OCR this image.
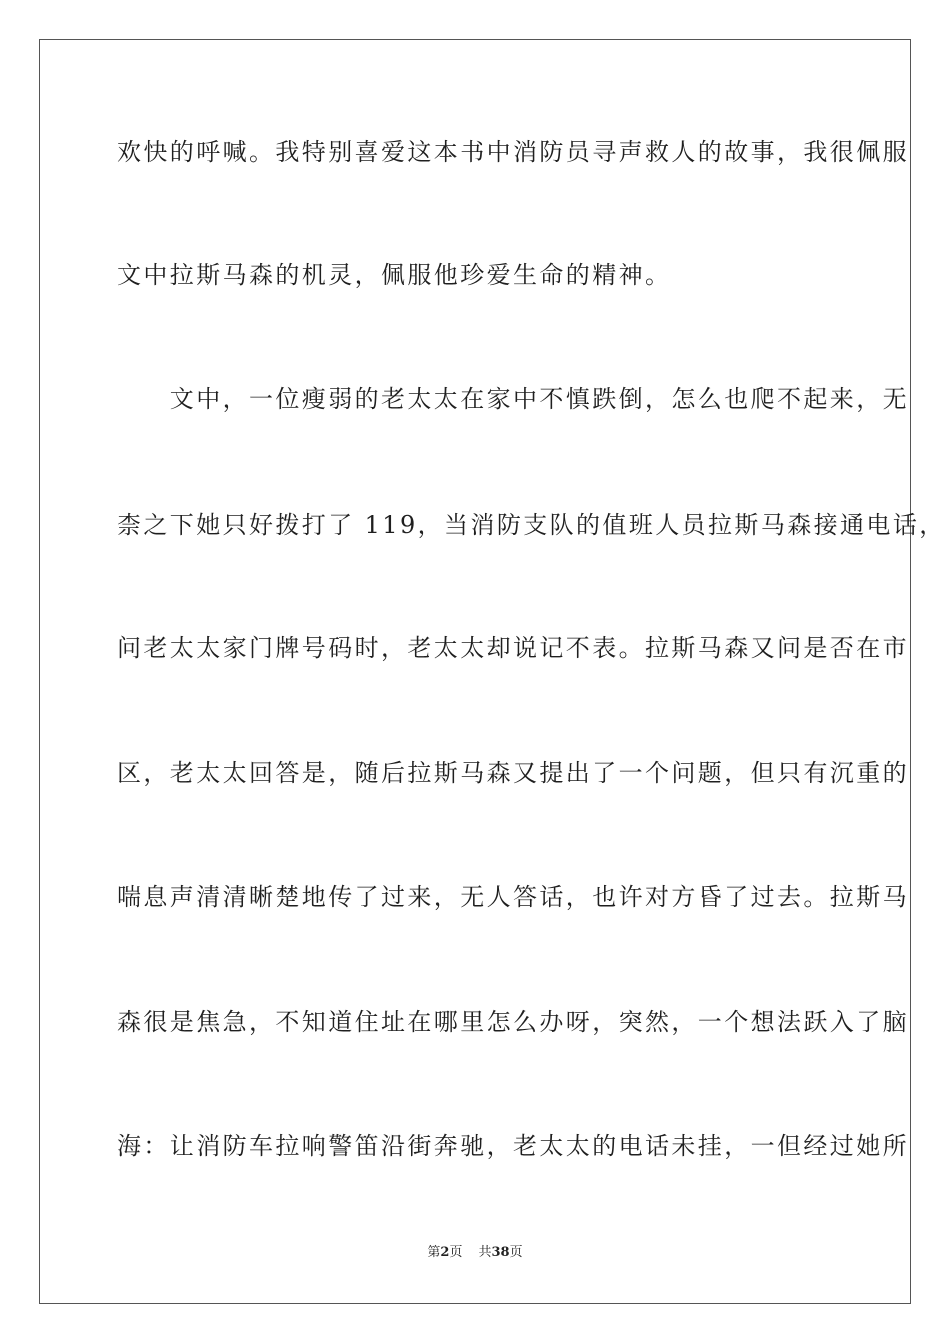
欢快的呼喊。我特别喜爱这本书中消防员寻声救人的故事，我很佩服
文中拉斯马森的机灵，佩服他珍爱生命的精神。
　　文中，一位瘦弱的老太太在家中不慎跌倒，怎么也爬不起来，无
柰之下她只好拨打了 119，当消防支队的值班人员拉斯马森接通电话，
问老太太家门牌号码时，老太太却说记不表。拉斯马森又问是否在市
区，老太太回答是，随后拉斯马森又提出了一个问题，但只有沉重的
喘息声清清晰楚地传了过来，无人答话，也许对方昏了过去。拉斯马
森很是焦急，不知道住址在哪里怎么办呀，突然，一个想法跃入了脑
海：让消防车拉响警笛沿街奔驰，老太太的电话未挂，一但经过她所
第2页 共38页
